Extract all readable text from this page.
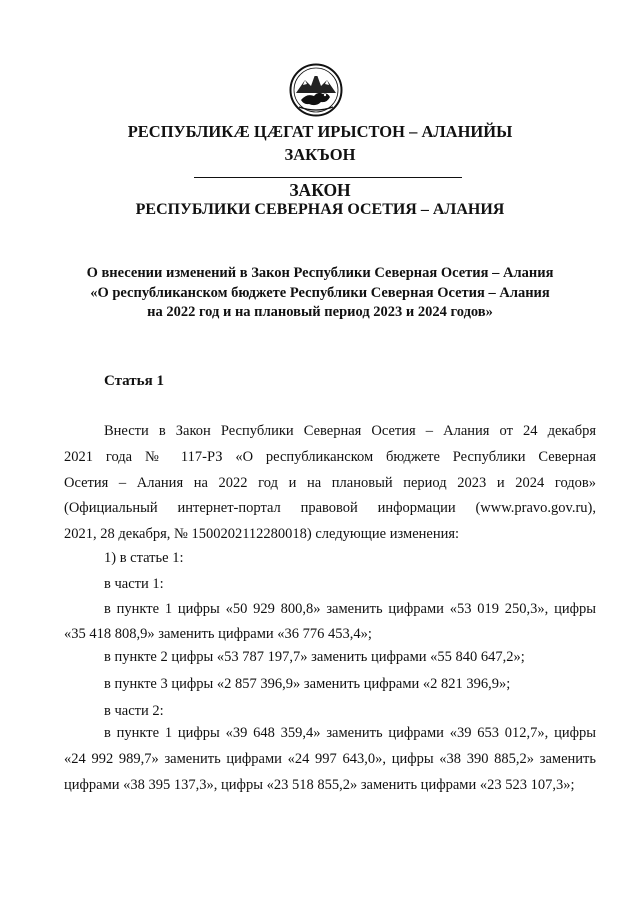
РЕСПУБЛИКӔ ЦӔГАТ ИРЫСТОН – АЛАНИЙЫ
ЗАКЪОН
ЗАКОН
РЕСПУБЛИКИ СЕВЕРНАЯ ОСЕТИЯ – АЛАНИЯ
О внесении изменений в Закон Республики Северная Осетия – Алания
«О республиканском бюджете Республики Северная Осетия – Алания
на 2022 год и на плановый период 2023 и 2024 годов»
Статья 1
Внести в Закон Республики Северная Осетия – Алания от 24 декабря
2021 года № 117-РЗ «О республиканском бюджете Республики Северная
Осетия – Алания на 2022 год и на плановый период 2023 и 2024 годов»
(Официальный интернет-портал правовой информации (www.pravo.gov.ru),
2021, 28 декабря, № 1500202112280018) следующие изменения:
1) в статье 1:
в части 1:
в пункте 1 цифры «50 929 800,8» заменить цифрами «53 019 250,3», цифры
«35 418 808,9» заменить цифрами «36 776 453,4»;
в пункте 2 цифры «53 787 197,7» заменить цифрами «55 840 647,2»;
в пункте 3 цифры «2 857 396,9» заменить цифрами «2 821 396,9»;
в части 2:
в пункте 1 цифры «39 648 359,4» заменить цифрами «39 653 012,7», цифры
«24 992 989,7» заменить цифрами «24 997 643,0», цифры «38 390 885,2» заменить
цифрами «38 395 137,3», цифры «23 518 855,2» заменить цифрами «23 523 107,3»;
